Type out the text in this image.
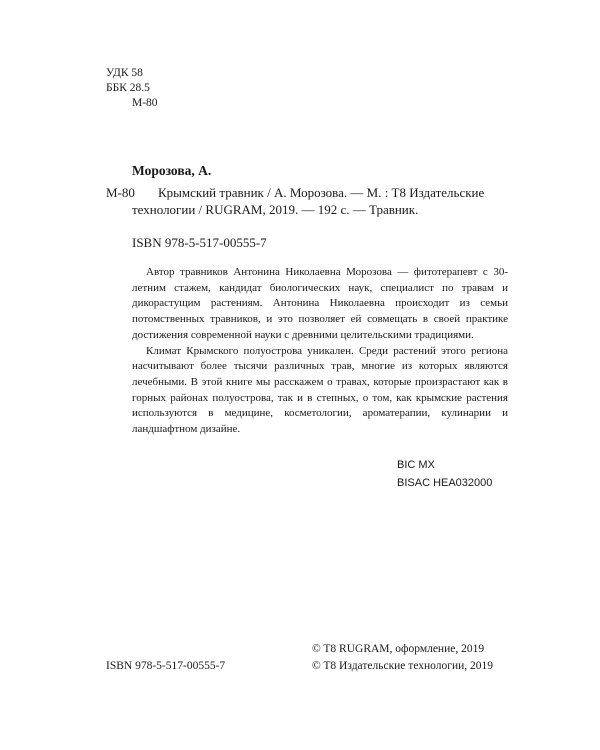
УДК 58
ББК 28.5
М-80
Морозова, А.
М-80 Крымский травник / А. Морозова. — М. : T8 Издательские
технологии / RUGRAM, 2019. — 192 с. — Травник.
ISBN 978-5-517-00555-7

Автор травников Антонина Николаевна Морозова — фитотерапевт с 30-летним стажем, кандидат биологических наук, специалист по травам и дикорастущим растениям. Антонина Николаевна происходит из семьи потомственных травников, и это позволяет ей совмещать в своей практике достижения современной науки с древними целительскими традициями.

Климат Крымского полуострова уникален. Среди растений этого региона насчитывают более тысячи различных трав, многие из которых являются лечебными. В этой книге мы расскажем о травах, которые произрастают как в горных районах полуострова, так и в степных, о том, как крымские растения используются в медицине, косметологии, ароматерапии, кулинарии и ландшафтном дизайне.

BIC MX
BISAC HEA032000
ISBN 978-5-517-00555-7
© T8 RUGRAM, оформление, 2019
© T8 Издательские технологии, 2019
